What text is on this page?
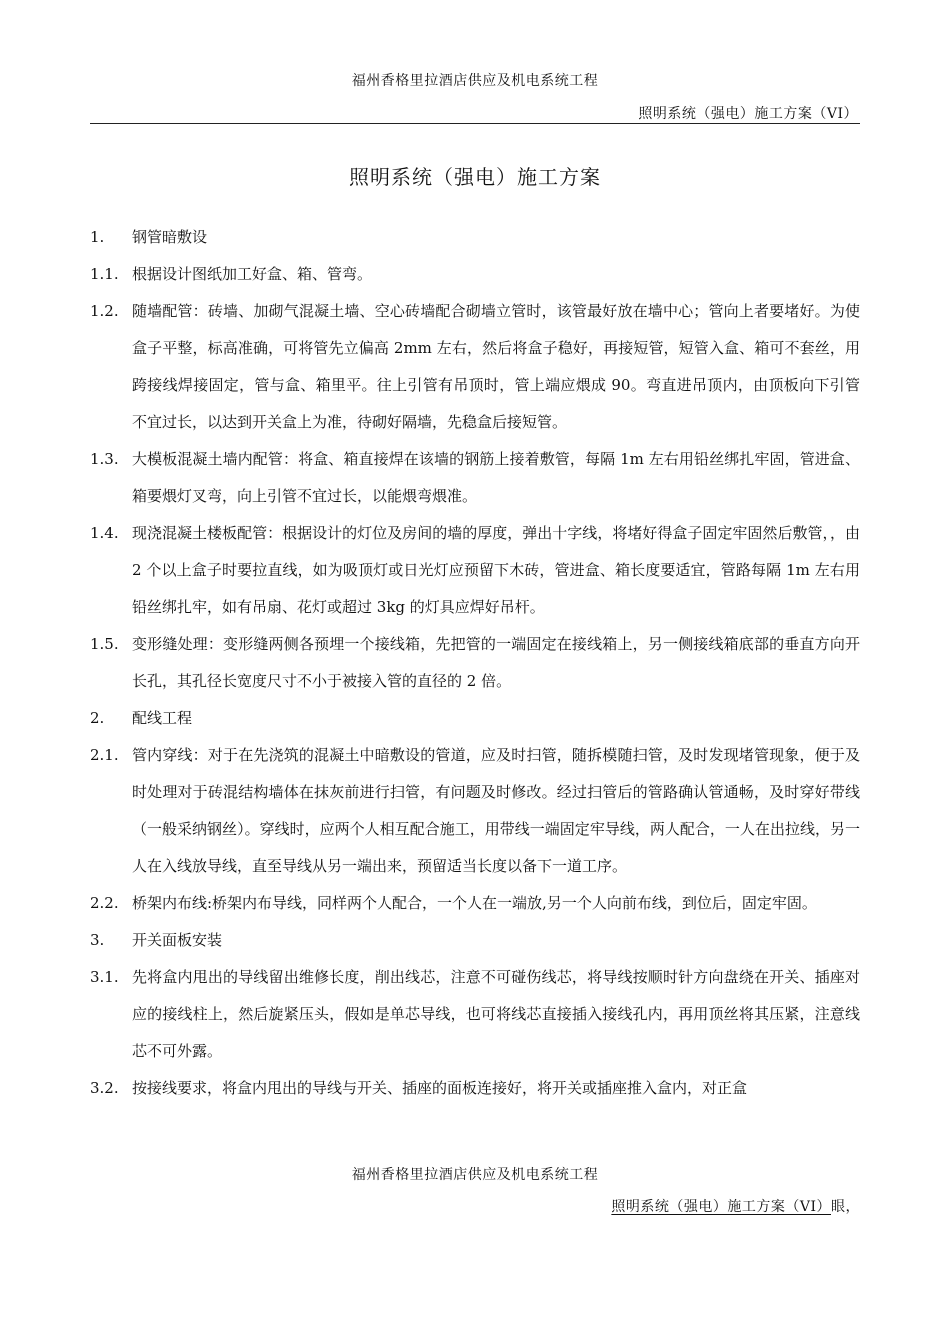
福州香格里拉酒店供应及机电系统工程
照明系统（强电）施工方案（VI）
照明系统（强电）施工方案
1.	钢管暗敷设
1.1. 根据设计图纸加工好盒、箱、管弯。
1.2. 随墙配管：砖墙、加砌气混凝土墙、空心砖墙配合砌墙立管时，该管最好放在墙中心；管向上者要堵好。为使盒子平整，标高准确，可将管先立偏高 2mm 左右，然后将盒子稳好，再接短管，短管入盒、箱可不套丝，用跨接线焊接固定，管与盒、箱里平。往上引管有吊顶时，管上端应煨成 90。弯直进吊顶内，由顶板向下引管不宜过长，以达到开关盒上为准，待砌好隔墙，先稳盒后接短管。
1.3. 大模板混凝土墙内配管：将盒、箱直接焊在该墙的钢筋上接着敷管，每隔 1m 左右用铅丝绑扎牢固，管进盒、箱要煨灯叉弯，向上引管不宜过长，以能煨弯煨准。
1.4. 现浇混凝土楼板配管：根据设计的灯位及房间的墙的厚度，弹出十字线，将堵好得盒子固定牢固然后敷管，，由 2 个以上盒子时要拉直线，如为吸顶灯或日光灯应预留下木砖，管进盒、箱长度要适宜，管路每隔 1m 左右用铅丝绑扎牢，如有吊扇、花灯或超过 3kg 的灯具应焊好吊杆。
1.5. 变形缝处理：变形缝两侧各预埋一个接线箱，先把管的一端固定在接线箱上，另一侧接线箱底部的垂直方向开长孔，其孔径长宽度尺寸不小于被接入管的直径的 2 倍。
2.	配线工程
2.1. 管内穿线：对于在先浇筑的混凝土中暗敷设的管道，应及时扫管，随拆模随扫管，及时发现堵管现象，便于及时处理对于砖混结构墙体在抹灰前进行扫管，有问题及时修改。经过扫管后的管路确认管通畅，及时穿好带线（一般采纳钢丝）。穿线时，应两个人相互配合施工，用带线一端固定牢导线，两人配合，一人在出拉线，另一人在入线放导线，直至导线从另一端出来，预留适当长度以备下一道工序。
2.2. 桥架内布线:桥架内布导线，同样两个人配合，一个人在一端放,另一个人向前布线，到位后，固定牢固。
3.	开关面板安装
3.1. 先将盒内甩出的导线留出维修长度，削出线芯，注意不可碰伤线芯，将导线按顺时针方向盘绕在开关、插座对应的接线柱上，然后旋紧压头，假如是单芯导线，也可将线芯直接插入接线孔内，再用顶丝将其压紧，注意线芯不可外露。
3.2. 按接线要求，将盒内甩出的导线与开关、插座的面板连接好，将开关或插座推入盒内，对正盒
福州香格里拉酒店供应及机电系统工程
照明系统（强电）施工方案（VI）眼，
